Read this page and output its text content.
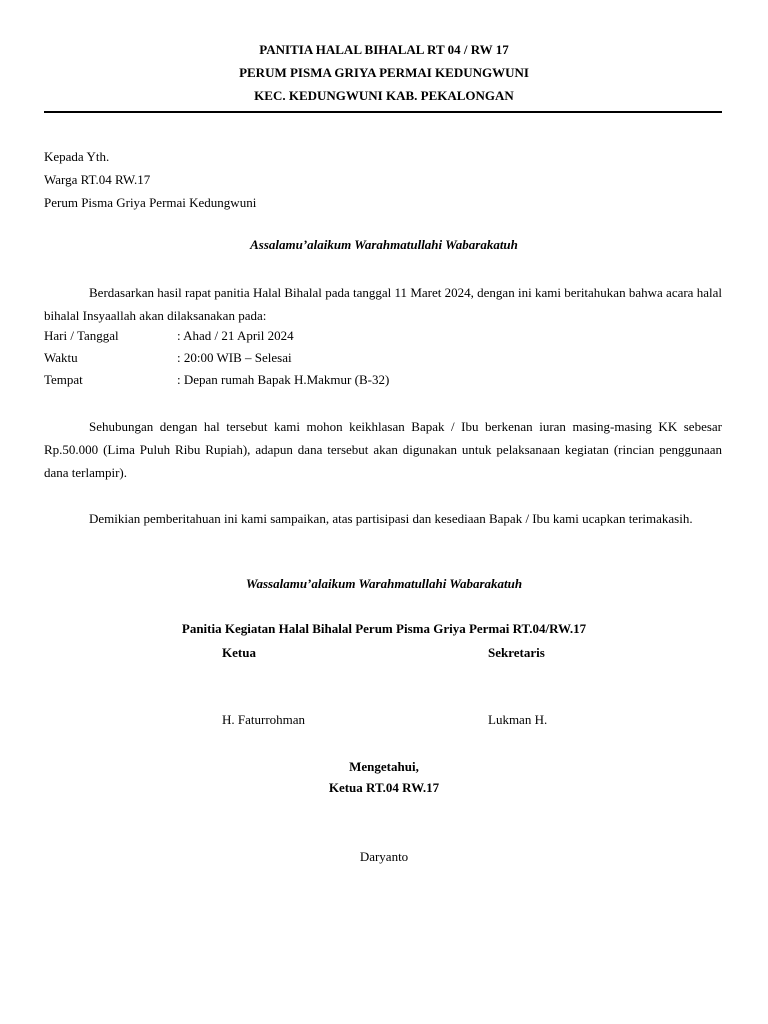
PANITIA HALAL BIHALAL RT 04 / RW 17
PERUM PISMA GRIYA PERMAI KEDUNGWUNI
KEC. KEDUNGWUNI KAB. PEKALONGAN
Kepada Yth.
Warga RT.04 RW.17
Perum Pisma Griya Permai Kedungwuni
Assalamu’alaikum Warahmatullahi Wabarakatuh
Berdasarkan hasil rapat panitia Halal Bihalal pada tanggal 11 Maret 2024, dengan ini kami beritahukan bahwa acara halal bihalal Insyaallah akan dilaksanakan pada:
Hari / Tanggal	: Ahad / 21 April 2024
Waktu	: 20:00 WIB – Selesai
Tempat	: Depan rumah Bapak H.Makmur (B-32)
Sehubungan dengan hal tersebut kami mohon keikhlasan Bapak / Ibu berkenan iuran masing-masing KK sebesar Rp.50.000 (Lima Puluh Ribu Rupiah), adapun dana tersebut akan digunakan untuk pelaksanaan kegiatan (rincian penggunaan dana terlampir).
Demikian pemberitahuan ini kami sampaikan, atas partisipasi dan kesediaan Bapak / Ibu kami ucapkan terimakasih.
Wassalamu’alaikum Warahmatullahi Wabarakatuh
Panitia Kegiatan Halal Bihalal Perum Pisma Griya Permai RT.04/RW.17
Ketua	Sekretaris
H. Faturrohman	Lukman H.
Mengetahui,
Ketua RT.04 RW.17
Daryanto
